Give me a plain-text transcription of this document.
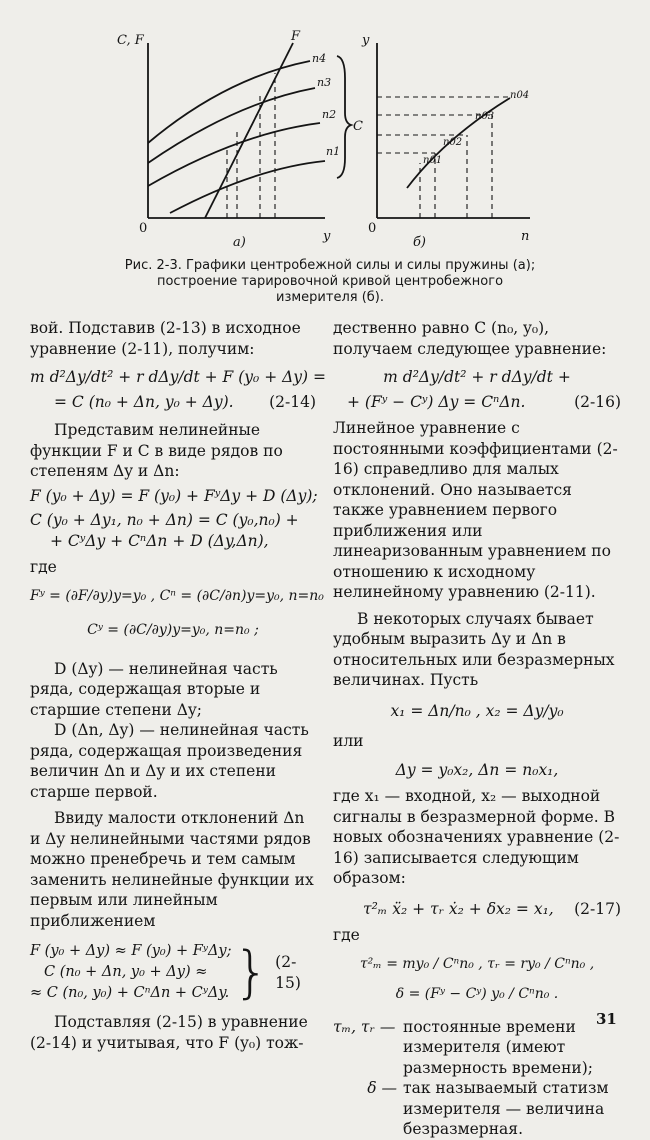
C, F
y
0
а)
F
n4
n3
n2
n1
C
y
n
0
б)
n01
n02
n03
n04
Рис. 2-3. Графики центробежной силы и силы пружины (а);
построение тарировочной кривой центробежного
измерителя (б).

вой. Подставив (2-13) в исходное уравнение (2-11), получим:

m d²Δy/dt² + r dΔy/dt + F (y₀ + Δy) =
= C (n₀ + Δn, y₀ + Δy). (2-14)

Представим нелинейные функции F и C в виде рядов по степеням Δy и Δn:

F (y₀ + Δy) = F (y₀) + FʸΔy + D (Δy);
C (y₀ + Δy₁, n₀ + Δn) = C (y₀,n₀) +
+ CʸΔy + CⁿΔn + D (Δy,Δn),

где

Fʸ = (∂F/∂y)y=y₀ , Cⁿ = (∂C/∂n)y=y₀, n=n₀
Cʸ = (∂C/∂y)y=y₀, n=n₀ ;

D (Δy) — нелинейная часть ряда, содержащая вторые и старшие степени Δy;

D (Δn, Δy) — нелинейная часть ряда, содержащая произведения величин Δn и Δy и их степени старше первой.

Ввиду малости отклонений Δn и Δy нелинейными частями рядов можно пренебречь и тем самым заменить нелинейные функции их первым или линейным приближением

F (y₀ + Δy) ≈ F (y₀) + FʸΔy;
C (n₀ + Δn, y₀ + Δy) ≈
≈ C (n₀, y₀) + CⁿΔn + CʸΔy. } (2-15)

Подставляя (2-15) в уравнение (2-14) и учитывая, что F (y₀) тож-

дественно равно C (n₀, y₀), получаем следующее уравнение:

m d²Δy/dt² + r dΔy/dt +
+ (Fʸ − Cʸ) Δy = CⁿΔn.	(2-16)

Линейное уравнение с постоянными коэффициентами (2-16) справедливо для малых отклонений. Оно называется также уравнением первого приближения или линеаризованным уравнением по отношению к исходному нелинейному уравнению (2-11).

В некоторых случаях бывает удобным выразить Δy и Δn в относительных или безразмерных величинах. Пусть

x₁ = Δn/n₀ , x₂ = Δy/y₀

или

Δy = y₀x₂, Δn = n₀x₁,

где x₁ — входной, x₂ — выходной сигналы в безразмерной форме. В новых обозначениях уравнение (2-16) записывается следующим образом:

τ²ₘ ẍ₂ + τᵣ ẋ₂ + δx₂ = x₁, (2-17)

где

τ²ₘ = my₀ / Cⁿn₀ , τᵣ = ry₀ / Cⁿn₀ ,
δ = (Fʸ − Cʸ) y₀ / Cⁿn₀ .
τₘ, τᵣ — постоянные времени измерителя (имеют размерность времени);
δ — так называемый статизм измерителя — величина безразмерная.
31
